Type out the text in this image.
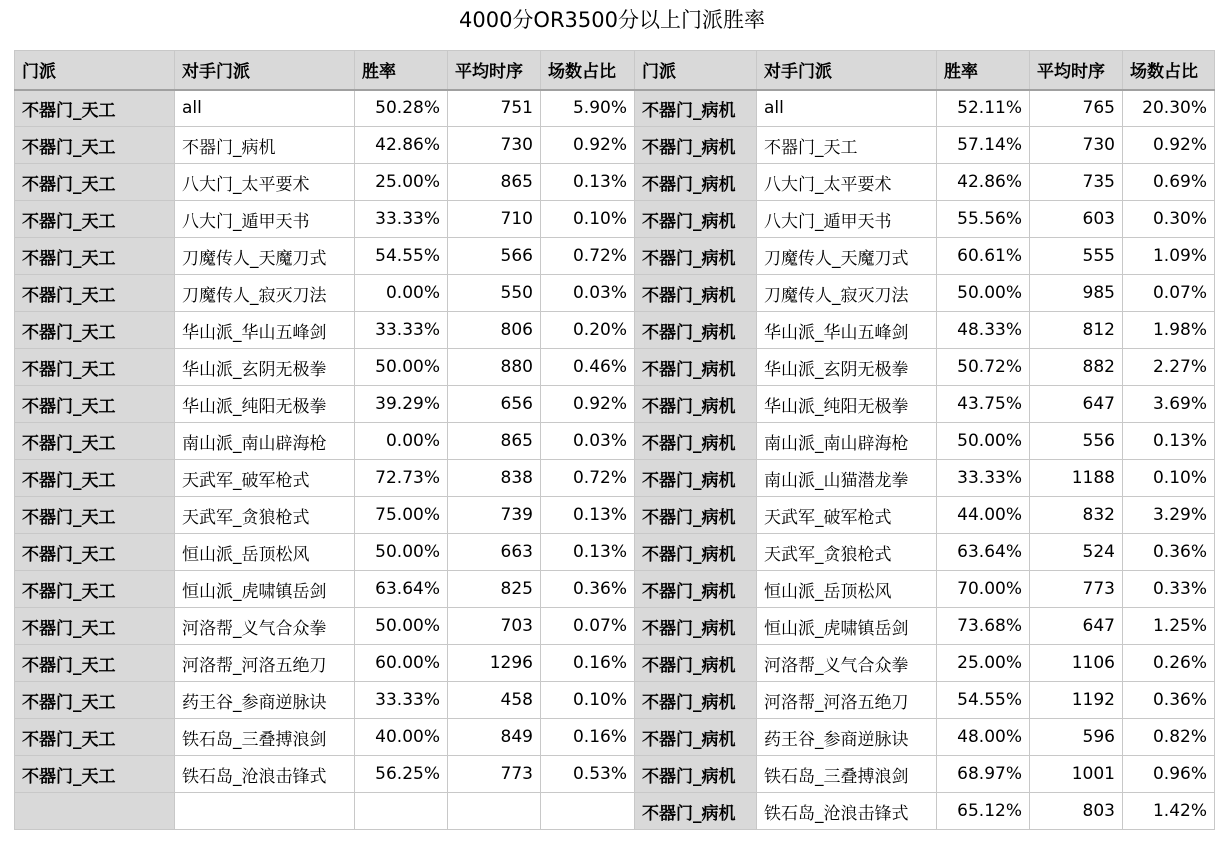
4000分OR3500分以上门派胜率
门派	对手门派	胜率	平均时序	场数占比	门派	对手门派	胜率	平均时序	场数占比
不器门_天工	all	50.28%	751	5.90%	不器门_病机	all	52.11%	765	20.30%
不器门_天工	不器门_病机	42.86%	730	0.92%	不器门_病机	不器门_天工	57.14%	730	0.92%
不器门_天工	八大门_太平要术	25.00%	865	0.13%	不器门_病机	八大门_太平要术	42.86%	735	0.69%
不器门_天工	八大门_遁甲天书	33.33%	710	0.10%	不器门_病机	八大门_遁甲天书	55.56%	603	0.30%
不器门_天工	刀魔传人_天魔刀式	54.55%	566	0.72%	不器门_病机	刀魔传人_天魔刀式	60.61%	555	1.09%
不器门_天工	刀魔传人_寂灭刀法	0.00%	550	0.03%	不器门_病机	刀魔传人_寂灭刀法	50.00%	985	0.07%
不器门_天工	华山派_华山五峰剑	33.33%	806	0.20%	不器门_病机	华山派_华山五峰剑	48.33%	812	1.98%
不器门_天工	华山派_玄阴无极拳	50.00%	880	0.46%	不器门_病机	华山派_玄阴无极拳	50.72%	882	2.27%
不器门_天工	华山派_纯阳无极拳	39.29%	656	0.92%	不器门_病机	华山派_纯阳无极拳	43.75%	647	3.69%
不器门_天工	南山派_南山辟海枪	0.00%	865	0.03%	不器门_病机	南山派_南山辟海枪	50.00%	556	0.13%
不器门_天工	天武军_破军枪式	72.73%	838	0.72%	不器门_病机	南山派_山猫潜龙拳	33.33%	1188	0.10%
不器门_天工	天武军_贪狼枪式	75.00%	739	0.13%	不器门_病机	天武军_破军枪式	44.00%	832	3.29%
不器门_天工	恒山派_岳顶松风	50.00%	663	0.13%	不器门_病机	天武军_贪狼枪式	63.64%	524	0.36%
不器门_天工	恒山派_虎啸镇岳剑	63.64%	825	0.36%	不器门_病机	恒山派_岳顶松风	70.00%	773	0.33%
不器门_天工	河洛帮_义气合众拳	50.00%	703	0.07%	不器门_病机	恒山派_虎啸镇岳剑	73.68%	647	1.25%
不器门_天工	河洛帮_河洛五绝刀	60.00%	1296	0.16%	不器门_病机	河洛帮_义气合众拳	25.00%	1106	0.26%
不器门_天工	药王谷_参商逆脉诀	33.33%	458	0.10%	不器门_病机	河洛帮_河洛五绝刀	54.55%	1192	0.36%
不器门_天工	铁石岛_三叠搏浪剑	40.00%	849	0.16%	不器门_病机	药王谷_参商逆脉诀	48.00%	596	0.82%
不器门_天工	铁石岛_沧浪击锋式	56.25%	773	0.53%	不器门_病机	铁石岛_三叠搏浪剑	68.97%	1001	0.96%
					不器门_病机	铁石岛_沧浪击锋式	65.12%	803	1.42%
